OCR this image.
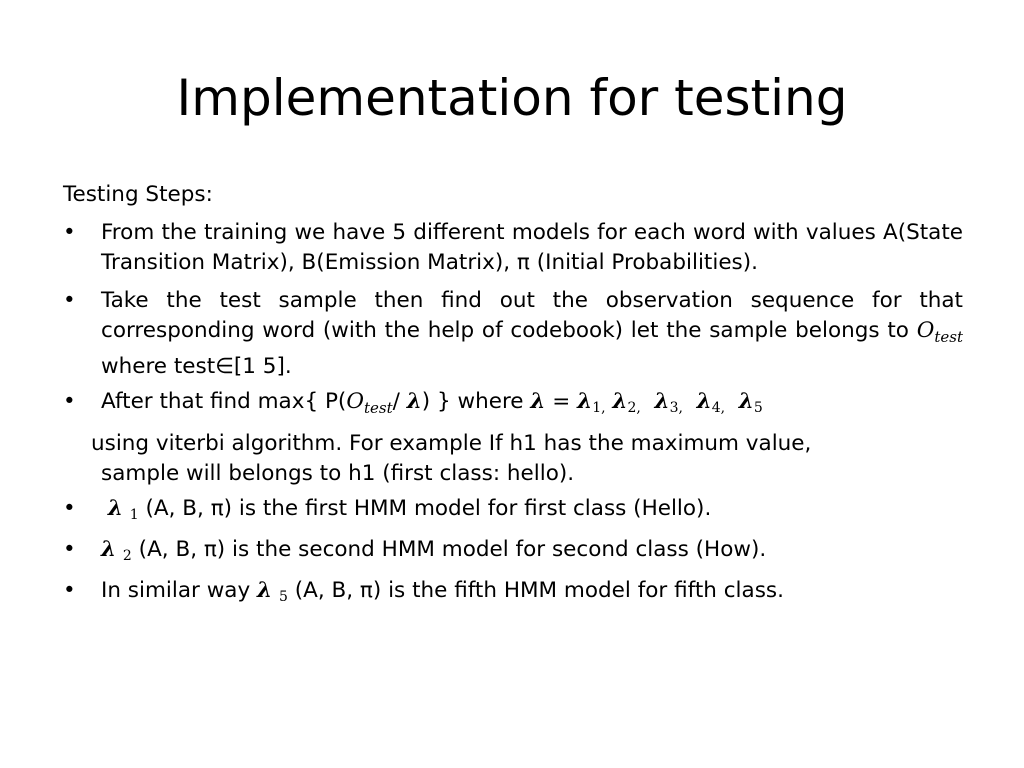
Implementation for testing

Testing Steps:

•	From the training we have 5 different models for each word with values A(State Transition Matrix), B(Emission Matrix), π (Initial Probabilities).
•	Take the test sample then find out the observation sequence for that corresponding word (with the help of codebook) let the sample belongs to $O_{test}$ where test∈[1 5].
•	After that find max{ $P(O_{test}/$ λ) } where λ = λ1, λ2, λ3, λ4, λ5

using viterbi algorithm. For example If h1 has the maximum value,
sample will belongs to h1 (first class: hello).

•	λ 1 (A, B, π) is the first HMM model for first class (Hello).
•	λ 2 (A, B, π) is the second HMM model for second class (How).
•	In similar way λ 5 (A, B, π) is the fifth HMM model for fifth class.
